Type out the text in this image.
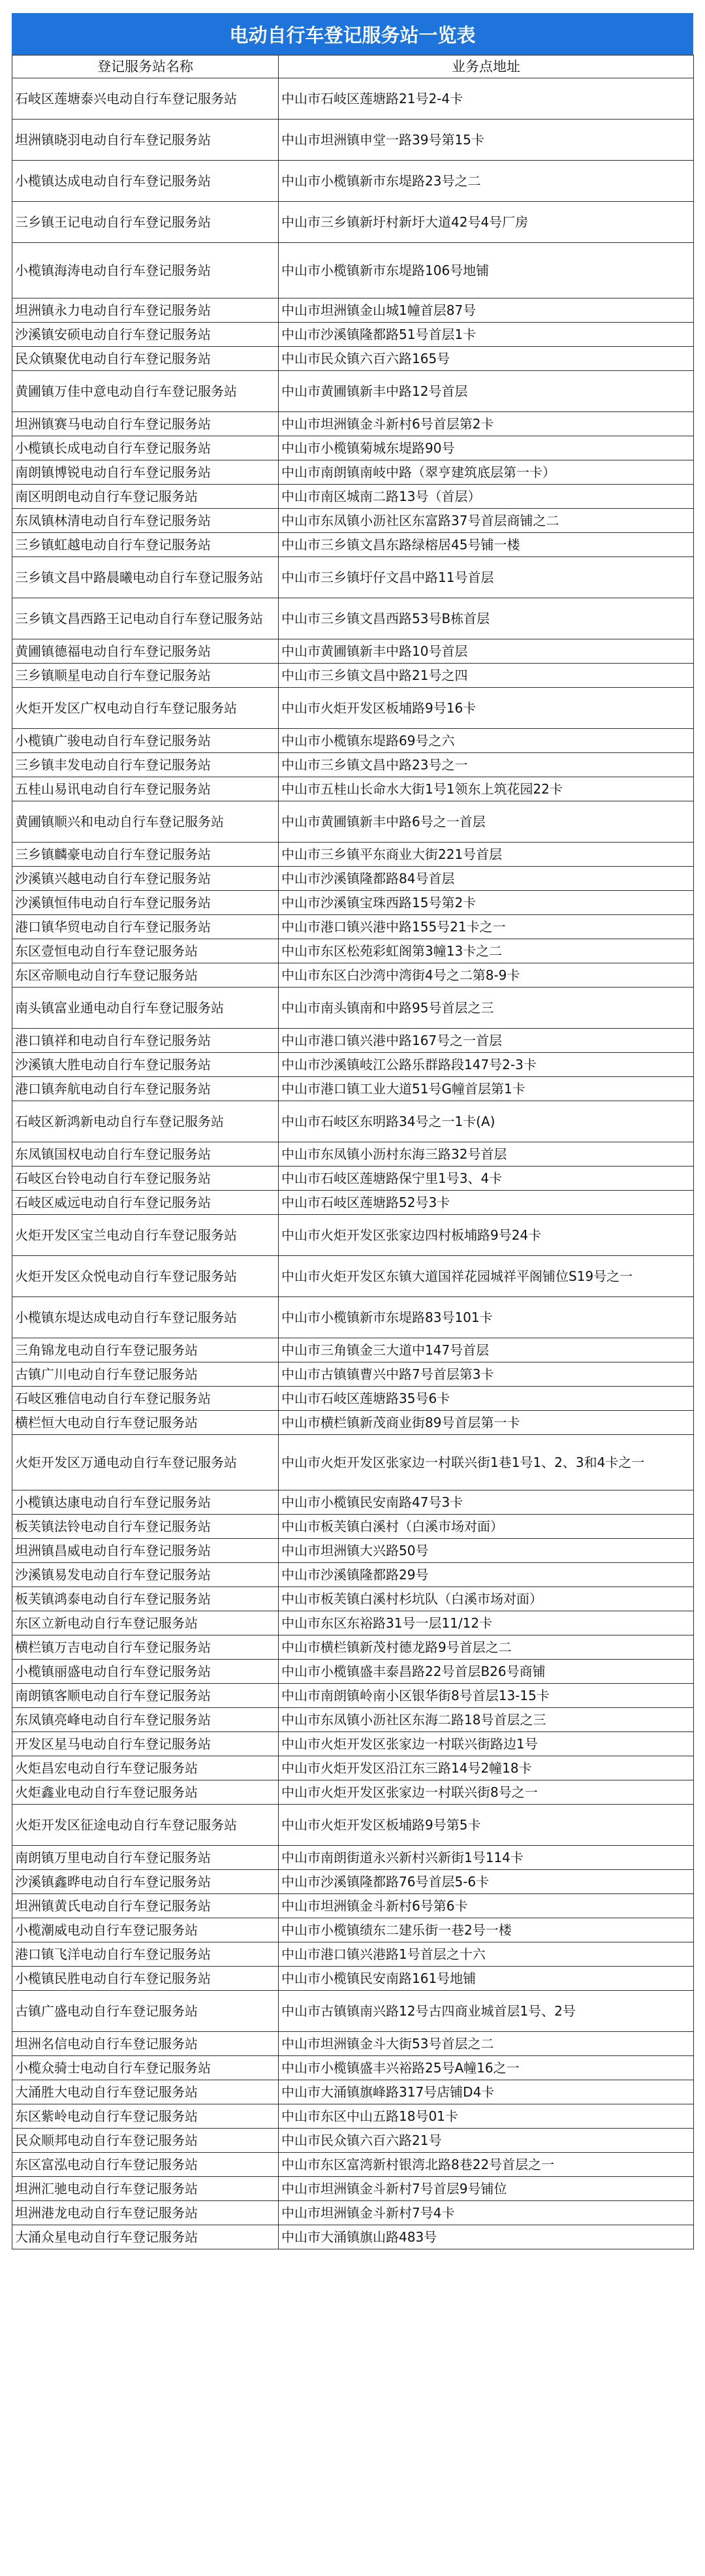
电动自行车登记服务站一览表
登记服务站名称	业务点地址
石岐区莲塘泰兴电动自行车登记服务站	中山市石岐区莲塘路21号2-4卡
坦洲镇晓羽电动自行车登记服务站	中山市坦洲镇申堂一路39号第15卡
小榄镇达成电动自行车登记服务站	中山市小榄镇新市东堤路23号之二
三乡镇王记电动自行车登记服务站	中山市三乡镇新圩村新圩大道42号4号厂房
小榄镇海涛电动自行车登记服务站	中山市小榄镇新市东堤路106号地铺
坦洲镇永力电动自行车登记服务站	中山市坦洲镇金山城1幢首层87号
沙溪镇安硕电动自行车登记服务站	中山市沙溪镇隆都路51号首层1卡
民众镇聚优电动自行车登记服务站	中山市民众镇六百六路165号
黄圃镇万佳中意电动自行车登记服务站	中山市黄圃镇新丰中路12号首层
坦洲镇赛马电动自行车登记服务站	中山市坦洲镇金斗新村6号首层第2卡
小榄镇长成电动自行车登记服务站	中山市小榄镇菊城东堤路90号
南朗镇博锐电动自行车登记服务站	中山市南朗镇南岐中路（翠亨建筑底层第一卡）
南区明朗电动自行车登记服务站	中山市南区城南二路13号（首层）
东凤镇林清电动自行车登记服务站	中山市东凤镇小沥社区东富路37号首层商铺之二
三乡镇虹越电动自行车登记服务站	中山市三乡镇文昌东路绿榕居45号铺一楼
三乡镇文昌中路晨曦电动自行车登记服务站	中山市三乡镇圩仔文昌中路11号首层
三乡镇文昌西路王记电动自行车登记服务站	中山市三乡镇文昌西路53号B栋首层
黄圃镇德福电动自行车登记服务站	中山市黄圃镇新丰中路10号首层
三乡镇顺星电动自行车登记服务站	中山市三乡镇文昌中路21号之四
火炬开发区广权电动自行车登记服务站	中山市火炬开发区板埔路9号16卡
小榄镇广骏电动自行车登记服务站	中山市小榄镇东堤路69号之六
三乡镇丰发电动自行车登记服务站	中山市三乡镇文昌中路23号之一
五桂山易讯电动自行车登记服务站	中山市五桂山长命水大街1号1领东上筑花园22卡
黄圃镇顺兴和电动自行车登记服务站	中山市黄圃镇新丰中路6号之一首层
三乡镇麟豪电动自行车登记服务站	中山市三乡镇平东商业大街221号首层
沙溪镇兴越电动自行车登记服务站	中山市沙溪镇隆都路84号首层
沙溪镇恒伟电动自行车登记服务站	中山市沙溪镇宝珠西路15号第2卡
港口镇华贸电动自行车登记服务站	中山市港口镇兴港中路155号21卡之一
东区壹恒电动自行车登记服务站	中山市东区松苑彩虹阁第3幢13卡之二
东区帝顺电动自行车登记服务站	中山市东区白沙湾中湾街4号之二第8-9卡
南头镇富业通电动自行车登记服务站	中山市南头镇南和中路95号首层之三
港口镇祥和电动自行车登记服务站	中山市港口镇兴港中路167号之一首层
沙溪镇大胜电动自行车登记服务站	中山市沙溪镇岐江公路乐群路段147号2-3卡
港口镇奔航电动自行车登记服务站	中山市港口镇工业大道51号G幢首层第1卡
石岐区新鸿新电动自行车登记服务站	中山市石岐区东明路34号之一1卡(A)
东凤镇国权电动自行车登记服务站	中山市东凤镇小沥村东海三路32号首层
石岐区台铃电动自行车登记服务站	中山市石岐区莲塘路保宁里1号3、4卡
石岐区威远电动自行车登记服务站	中山市石岐区莲塘路52号3卡
火炬开发区宝兰电动自行车登记服务站	中山市火炬开发区张家边四村板埔路9号24卡
火炬开发区众悦电动自行车登记服务站	中山市火炬开发区东镇大道国祥花园城祥平阁铺位S19号之一
小榄镇东堤达成电动自行车登记服务站	中山市小榄镇新市东堤路83号101卡
三角锦龙电动自行车登记服务站	中山市三角镇金三大道中147号首层
古镇广川电动自行车登记服务站	中山市古镇镇曹兴中路7号首层第3卡
石岐区雅信电动自行车登记服务站	中山市石岐区莲塘路35号6卡
横栏恒大电动自行车登记服务站	中山市横栏镇新茂商业街89号首层第一卡
火炬开发区万通电动自行车登记服务站	中山市火炬开发区张家边一村联兴街1巷1号1、2、3和4卡之一
小榄镇达康电动自行车登记服务站	中山市小榄镇民安南路47号3卡
板芙镇法铃电动自行车登记服务站	中山市板芙镇白溪村（白溪市场对面）
坦洲镇昌威电动自行车登记服务站	中山市坦洲镇大兴路50号
沙溪镇易发电动自行车登记服务站	中山市沙溪镇隆都路29号
板芙镇鸿泰电动自行车登记服务站	中山市板芙镇白溪村杉坑队（白溪市场对面）
东区立新电动自行车登记服务站	中山市东区东裕路31号一层11/12卡
横栏镇万吉电动自行车登记服务站	中山市横栏镇新茂村德龙路9号首层之二
小榄镇丽盛电动自行车登记服务站	中山市小榄镇盛丰泰昌路22号首层B26号商铺
南朗镇客顺电动自行车登记服务站	中山市南朗镇岭南小区银华街8号首层13-15卡
东凤镇亮峰电动自行车登记服务站	中山市东凤镇小沥社区东海二路18号首层之三
开发区星马电动自行车登记服务站	中山市火炬开发区张家边一村联兴街路边1号
火炬昌宏电动自行车登记服务站	中山市火炬开发区沿江东三路14号2幢18卡
火炬鑫业电动自行车登记服务站	中山市火炬开发区张家边一村联兴街8号之一
火炬开发区征途电动自行车登记服务站	中山市火炬开发区板埔路9号第5卡
南朗镇万里电动自行车登记服务站	中山市南朗街道永兴新村兴新街1号114卡
沙溪镇鑫晔电动自行车登记服务站	中山市沙溪镇隆都路76号首层5-6卡
坦洲镇黄氏电动自行车登记服务站	中山市坦洲镇金斗新村6号第6卡
小榄潮威电动自行车登记服务站	中山市小榄镇绩东二建乐街一巷2号一楼
港口镇飞洋电动自行车登记服务站	中山市港口镇兴港路1号首层之十六
小榄镇民胜电动自行车登记服务站	中山市小榄镇民安南路161号地铺
古镇广盛电动自行车登记服务站	中山市古镇镇南兴路12号古四商业城首层1号、2号
坦洲名信电动自行车登记服务站	中山市坦洲镇金斗大街53号首层之二
小榄众骑士电动自行车登记服务站	中山市小榄镇盛丰兴裕路25号A幢16之一
大涌胜大电动自行车登记服务站	中山市大涌镇旗峰路317号店铺D4卡
东区紫岭电动自行车登记服务站	中山市东区中山五路18号01卡
民众顺邦电动自行车登记服务站	中山市民众镇六百六路21号
东区富泓电动自行车登记服务站	中山市东区富湾新村银湾北路8巷22号首层之一
坦洲汇驰电动自行车登记服务站	中山市坦洲镇金斗新村7号首层9号铺位
坦洲港龙电动自行车登记服务站	中山市坦洲镇金斗新村7号4卡
大涌众星电动自行车登记服务站	中山市大涌镇旗山路483号
